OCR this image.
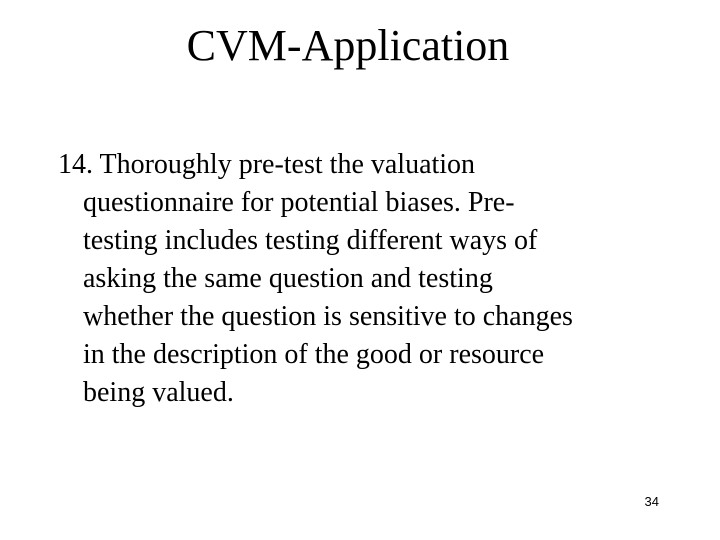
CVM-Application

14. Thoroughly pre-test the valuation
questionnaire for potential biases. Pre-
testing includes testing different ways of
asking the same question and testing
whether the question is sensitive to changes
in the description of the good or resource
being valued.

34
